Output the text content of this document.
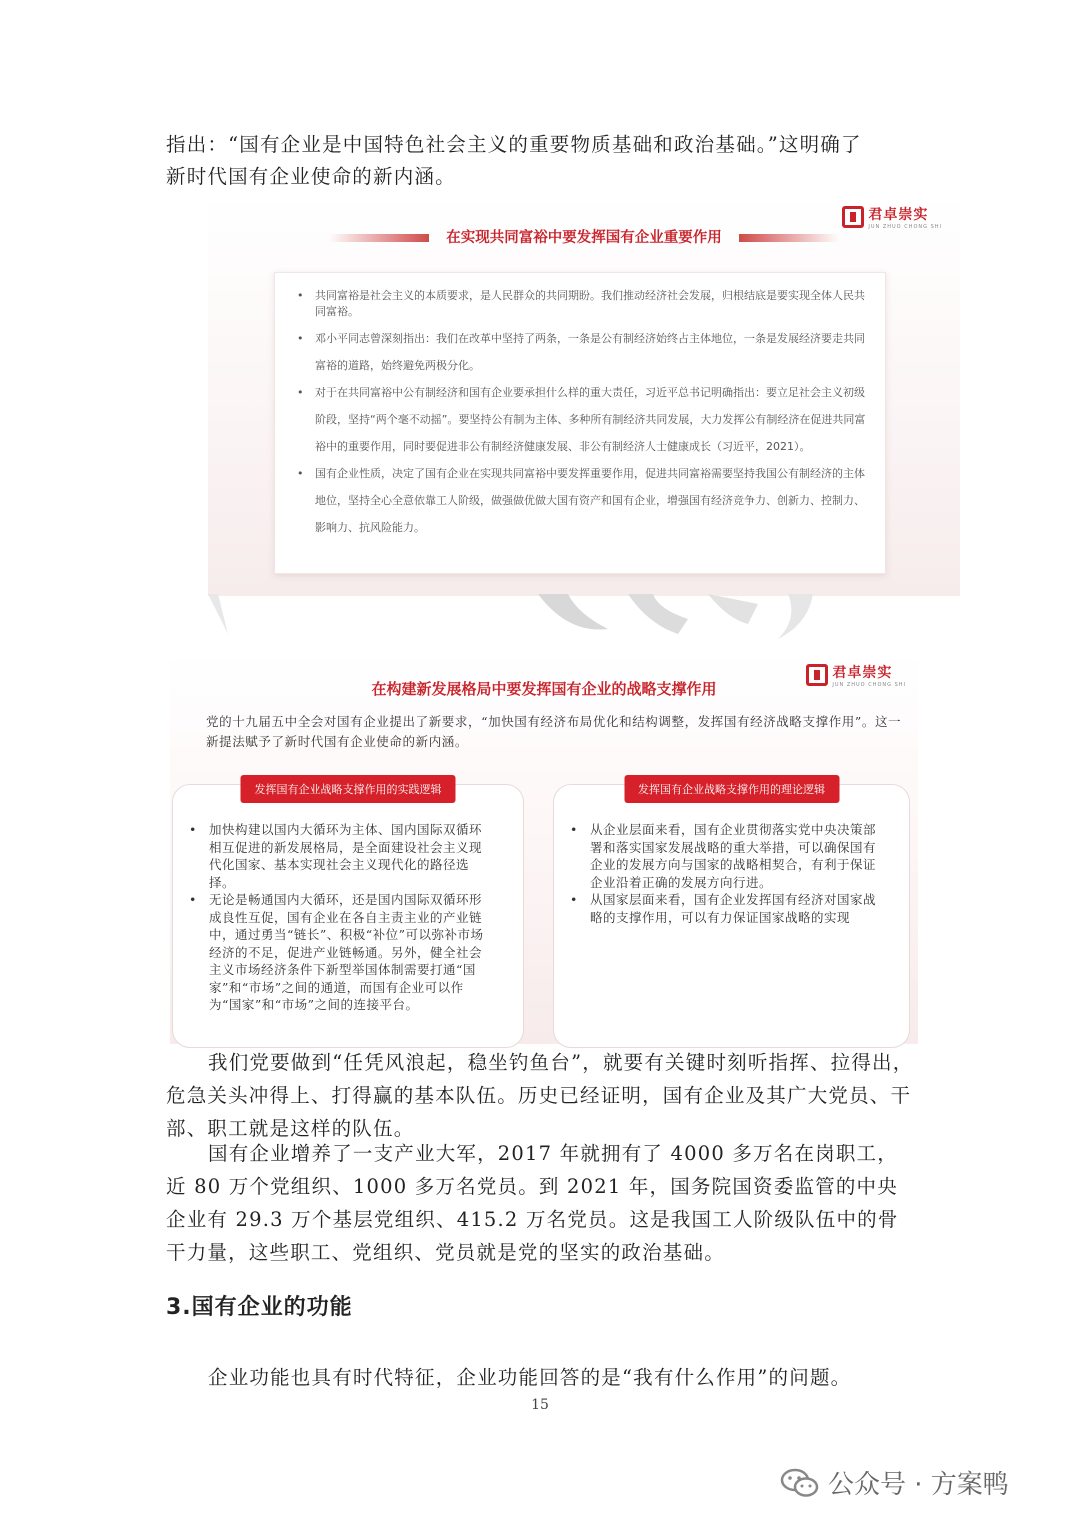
指出：“国有企业是中国特色社会主义的重要物质基础和政治基础。”这明确了

新时代国有企业使命的新内涵。

君卓崇实
JUN ZHUO CHONG SHI
在实现共同富裕中要发挥国有企业重要作用
• 共同富裕是社会主义的本质要求，是人民群众的共同期盼。我们推动经济社会发展，归根结底是要实现全体人民共同富裕。
• 邓小平同志曾深刻指出：我们在改革中坚持了两条，一条是公有制经济始终占主体地位，一条是发展经济要走共同富裕的道路，始终避免两极分化。
• 对于在共同富裕中公有制经济和国有企业要承担什么样的重大责任，习近平总书记明确指出：要立足社会主义初级阶段，坚持“两个毫不动摇”。要坚持公有制为主体、多种所有制经济共同发展，大力发挥公有制经济在促进共同富裕中的重要作用，同时要促进非公有制经济健康发展、非公有制经济人士健康成长（习近平，2021）。
• 国有企业性质，决定了国有企业在实现共同富裕中要发挥重要作用，促进共同富裕需要坚持我国公有制经济的主体地位，坚持全心全意依靠工人阶级，做强做优做大国有资产和国有企业，增强国有经济竞争力、创新力、控制力、影响力、抗风险能力。
君卓崇实
JUN ZHUO CHONG SHI
在构建新发展格局中要发挥国有企业的战略支撑作用
党的十九届五中全会对国有企业提出了新要求，“加快国有经济布局优化和结构调整，发挥国有经济战略支撑作用”。这一新提法赋予了新时代国有企业使命的新内涵。
发挥国有企业战略支撑作用的实践逻辑
• 加快构建以国内大循环为主体、国内国际双循环相互促进的新发展格局，是全面建设社会主义现代化国家、基本实现社会主义现代化的路径选择。
• 无论是畅通国内大循环，还是国内国际双循环形成良性互促，国有企业在各自主责主业的产业链中，通过勇当“链长”、积极“补位”可以弥补市场经济的不足，促进产业链畅通。另外，健全社会主义市场经济条件下新型举国体制需要打通“国家”和“市场”之间的通道，而国有企业可以作为“国家”和“市场”之间的连接平台。
发挥国有企业战略支撑作用的理论逻辑
• 从企业层面来看，国有企业贯彻落实党中央决策部署和落实国家发展战略的重大举措，可以确保国有企业的发展方向与国家的战略相契合，有利于保证企业沿着正确的发展方向行进。
• 从国家层面来看，国有企业发挥国有经济对国家战略的支撑作用，可以有力保证国家战略的实现

我们党要做到“任凭风浪起，稳坐钓鱼台”，就要有关键时刻听指挥、拉得出，危急关头冲得上、打得赢的基本队伍。历史已经证明，国有企业及其广大党员、干部、职工就是这样的队伍。

国有企业增养了一支产业大军，2017 年就拥有了 4000 多万名在岗职工，近 80 万个党组织、1000 多万名党员。到 2021 年，国务院国资委监管的中央企业有 29.3 万个基层党组织、415.2 万名党员。这是我国工人阶级队伍中的骨干力量，这些职工、党组织、党员就是党的坚实的政治基础。

3.国有企业的功能

企业功能也具有时代特征，企业功能回答的是“我有什么作用”的问题。

15
公众号 · 方案鸭
